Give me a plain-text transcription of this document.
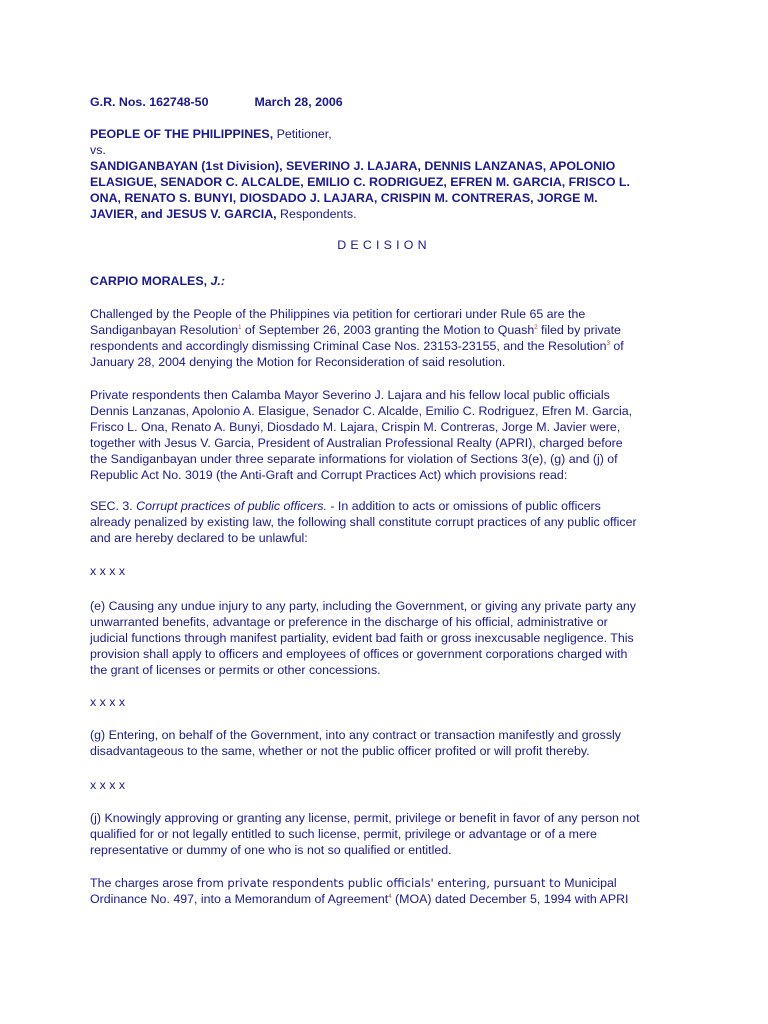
G.R. Nos. 162748-50	March 28, 2006
PEOPLE OF THE PHILIPPINES, Petitioner,
vs.
SANDIGANBAYAN (1st Division), SEVERINO J. LAJARA, DENNIS LANZANAS, APOLONIO
ELASIGUE, SENADOR C. ALCALDE, EMILIO C. RODRIGUEZ, EFREN M. GARCIA, FRISCO L.
ONA, RENATO S. BUNYI, DIOSDADO J. LAJARA, CRISPIN M. CONTRERAS, JORGE M.
JAVIER, and JESUS V. GARCIA, Respondents.
DECISION
CARPIO MORALES, J.:
Challenged by the People of the Philippines via petition for certiorari under Rule 65 are the
Sandiganbayan Resolution$^1$ of September 26, 2003 granting the Motion to Quash$^2$ filed by private
respondents and accordingly dismissing Criminal Case Nos. 23153-23155, and the Resolution$^3$ of
January 28, 2004 denying the Motion for Reconsideration of said resolution.
Private respondents then Calamba Mayor Severino J. Lajara and his fellow local public officials
Dennis Lanzanas, Apolonio A. Elasigue, Senador C. Alcalde, Emilio C. Rodriguez, Efren M. Garcia,
Frisco L. Ona, Renato A. Bunyi, Diosdado M. Lajara, Crispin M. Contreras, Jorge M. Javier were,
together with Jesus V. Garcia, President of Australian Professional Realty (APRI), charged before
the Sandiganbayan under three separate informations for violation of Sections 3(e), (g) and (j) of
Republic Act No. 3019 (the Anti-Graft and Corrupt Practices Act) which provisions read:
SEC. 3. Corrupt practices of public officers. - In addition to acts or omissions of public officers
already penalized by existing law, the following shall constitute corrupt practices of any public officer
and are hereby declared to be unlawful:
x x x x
(e) Causing any undue injury to any party, including the Government, or giving any private party any
unwarranted benefits, advantage or preference in the discharge of his official, administrative or
judicial functions through manifest partiality, evident bad faith or gross inexcusable negligence. This
provision shall apply to officers and employees of offices or government corporations charged with
the grant of licenses or permits or other concessions.
x x x x
(g) Entering, on behalf of the Government, into any contract or transaction manifestly and grossly
disadvantageous to the same, whether or not the public officer profited or will profit thereby.
x x x x
(j) Knowingly approving or granting any license, permit, privilege or benefit in favor of any person not
qualified for or not legally entitled to such license, permit, privilege or advantage or of a mere
representative or dummy of one who is not so qualified or entitled.
The charges arose from private respondents public officials' entering, pursuant to Municipal
Ordinance No. 497, into a Memorandum of Agreement$^4$ (MOA) dated December 5, 1994 with APRI
